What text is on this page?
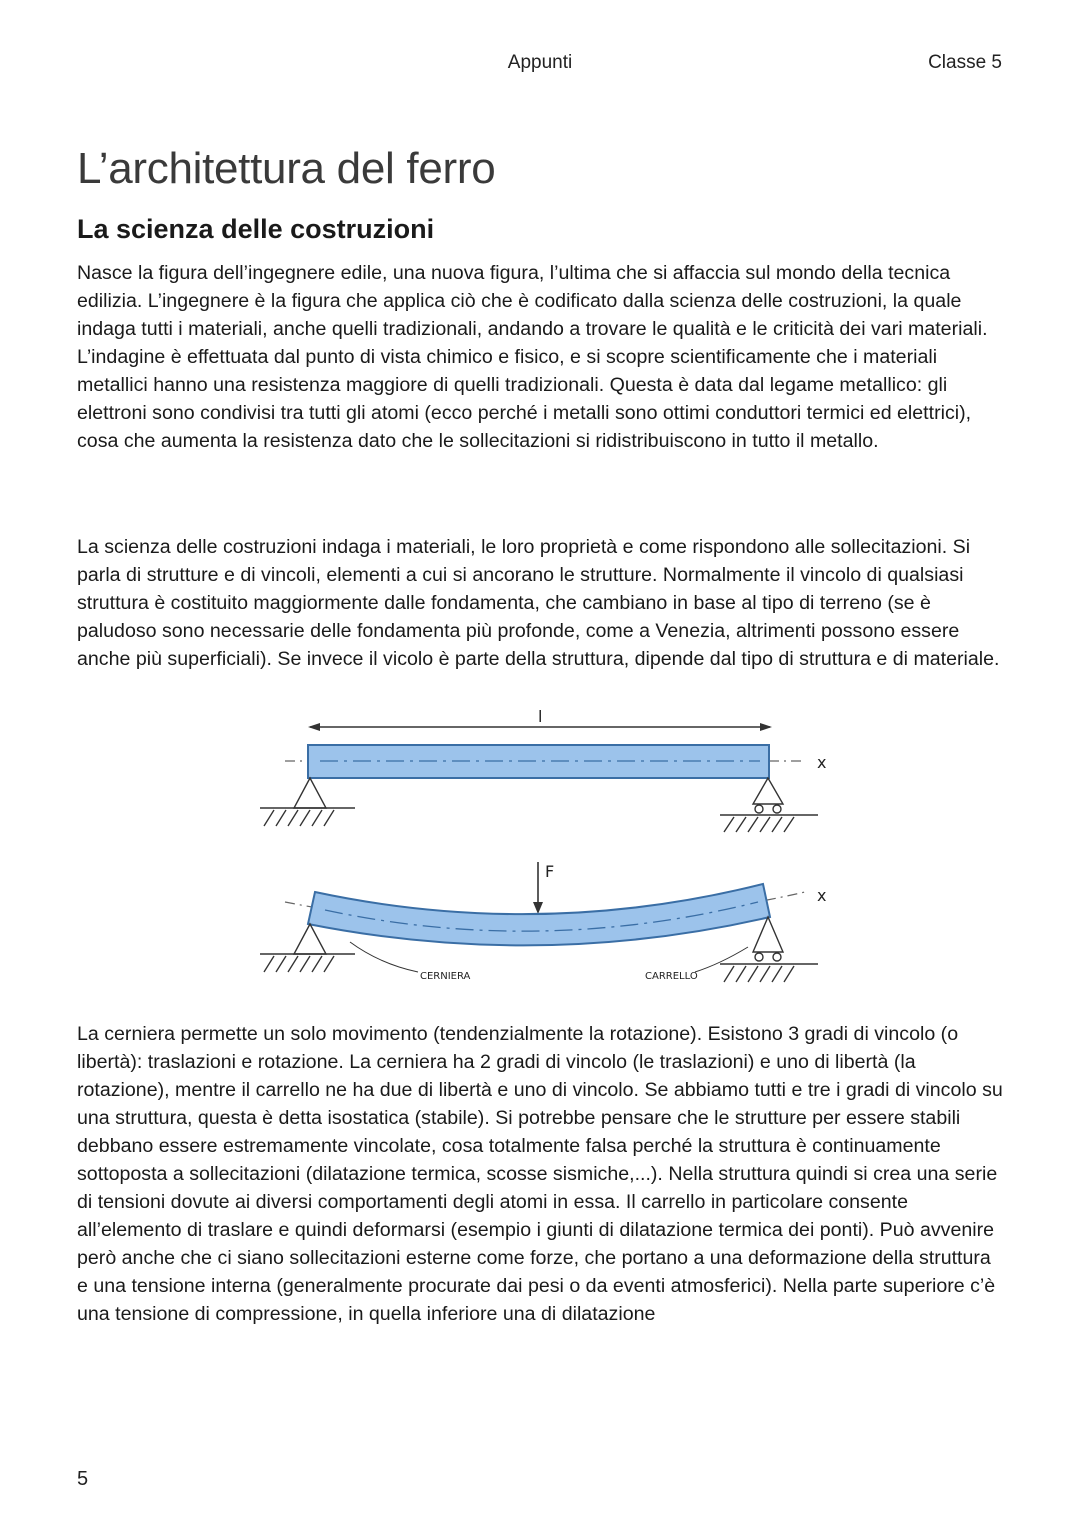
Appunti	Classe 5
L’architettura del ferro
La scienza delle costruzioni

Nasce la figura dell’ingegnere edile, una nuova figura, l’ultima che si affaccia sul mondo della tecnica edilizia. L’ingegnere è la figura che applica ciò che è codificato dalla scienza delle costruzioni, la quale indaga tutti i materiali, anche quelli tradizionali, andando a trovare le qualità e le criticità dei vari materiali. L’indagine è effettuata dal punto di vista chimico e fisico, e si scopre scientificamente che i materiali metallici hanno una resistenza maggiore di quelli tradizionali. Questa è data dal legame metallico: gli elettroni sono condivisi tra tutti gli atomi (ecco perché i metalli sono ottimi conduttori termici ed elettrici), cosa che aumenta la resistenza dato che le sollecitazioni si ridistribuiscono in tutto il metallo.

La scienza delle costruzioni indaga i materiali, le loro proprietà e come rispondono alle sollecitazioni. Si parla di strutture e di vincoli, elementi a cui si ancorano le strutture. Normalmente il vincolo di qualsiasi struttura è costituito maggiormente dalle fondamenta, che cambiano in base al tipo di terreno (se è paludoso sono necessarie delle fondamenta più profonde, come a Venezia, altrimenti possono essere anche più superficiali). Se invece il vicolo è parte della struttura, dipende dal tipo di struttura e di materiale.

l
x
F
x
CERNIERA	CARRELLO

La cerniera permette un solo movimento (tendenzialmente la rotazione). Esistono 3 gradi di vincolo (o libertà): traslazioni e rotazione. La cerniera ha 2 gradi di vincolo (le traslazioni) e uno di libertà (la rotazione), mentre il carrello ne ha due di libertà e uno di vincolo. Se abbiamo tutti e tre i gradi di vincolo su una struttura, questa è detta isostatica (stabile). Si potrebbe pensare che le strutture per essere stabili debbano essere estremamente vincolate, cosa totalmente falsa perché la struttura è continuamente sottoposta a sollecitazioni (dilatazione termica, scosse sismiche,...). Nella struttura quindi si crea una serie di tensioni dovute ai diversi comportamenti degli atomi in essa. Il carrello in particolare consente all’elemento di traslare e quindi deformarsi (esempio i giunti di dilatazione termica dei ponti). Può avvenire però anche che ci siano sollecitazioni esterne come forze, che portano a una deformazione della struttura e una tensione interna (generalmente procurate dai pesi o da eventi atmosferici). Nella parte superiore c’è una tensione di compressione, in quella inferiore una di dilatazione

5
